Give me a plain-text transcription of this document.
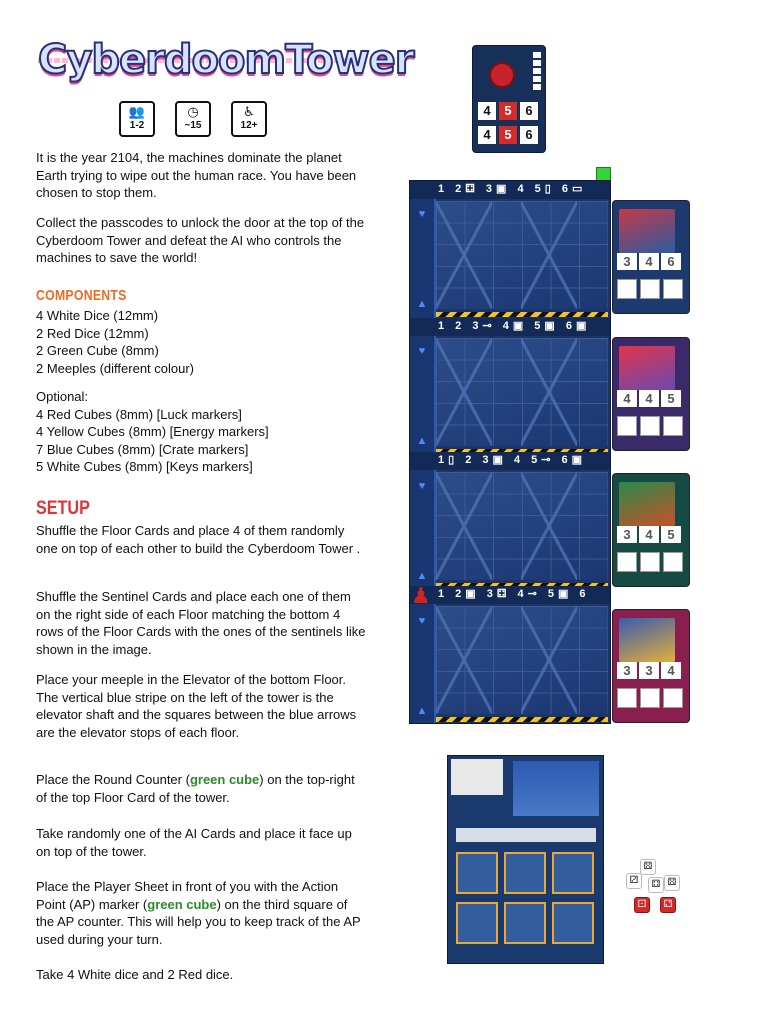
CyberdoomTower
👥
1-2
◷
~15
♿
12+

It is the year 2104, the machines dominate the planet Earth trying to wipe out the human race. You have been chosen to stop them.

Collect the passcodes to unlock the door at the top of the Cyberdoom Tower and defeat the AI who controls the machines to save the world!

COMPONENTS
4 White Dice (12mm)
2 Red Dice (12mm)
2 Green Cube (8mm)
2 Meeples (different colour)
Optional:
4 Red Cubes (8mm) [Luck markers]
4 Yellow Cubes (8mm) [Energy markers]
7 Blue Cubes (8mm) [Crate markers]
5 White Cubes (8mm) [Keys markers]
SETUP

Shuffle the Floor Cards and place 4 of them randomly one on top of each other to build the Cyberdoom Tower .

Shuffle the Sentinel Cards and place each one of them on the right side of each Floor matching the bottom 4 rows of the Floor Cards with the ones of the sentinels like shown in the image.

Place your meeple in the Elevator of the bottom Floor. The vertical blue stripe on the left of the tower is the elevator shaft and the squares between the blue arrows are the elevator stops of each floor.

Place the Round Counter (green cube) on the top-right of the top Floor Card of the tower.

Take randomly one of the AI Cards and place it face up on top of the tower.

Place the Player Sheet in front of you with the Action Point (AP) marker (green cube) on the third square of the AP counter. This will help you to keep track of the AP used during your turn.

Take 4 White dice and 2 Red dice.

4	5	6
4	5	6
♥
▲
♥
▲
♥
▲
♥
▲
1 2⚃ 3▣ 4 5▯ 6▭
1 2 3⊸ 4▣ 5▣ 6▣
1▯ 2 3▣ 4 5⊸ 6▣
1 2▣ 3⚃ 4⊸ 5▣ 6
♟
3	4	6
4	4	5
3	4	5
3	3	4
⚄
⚂	⚃ ⚄
⚀	⚁
